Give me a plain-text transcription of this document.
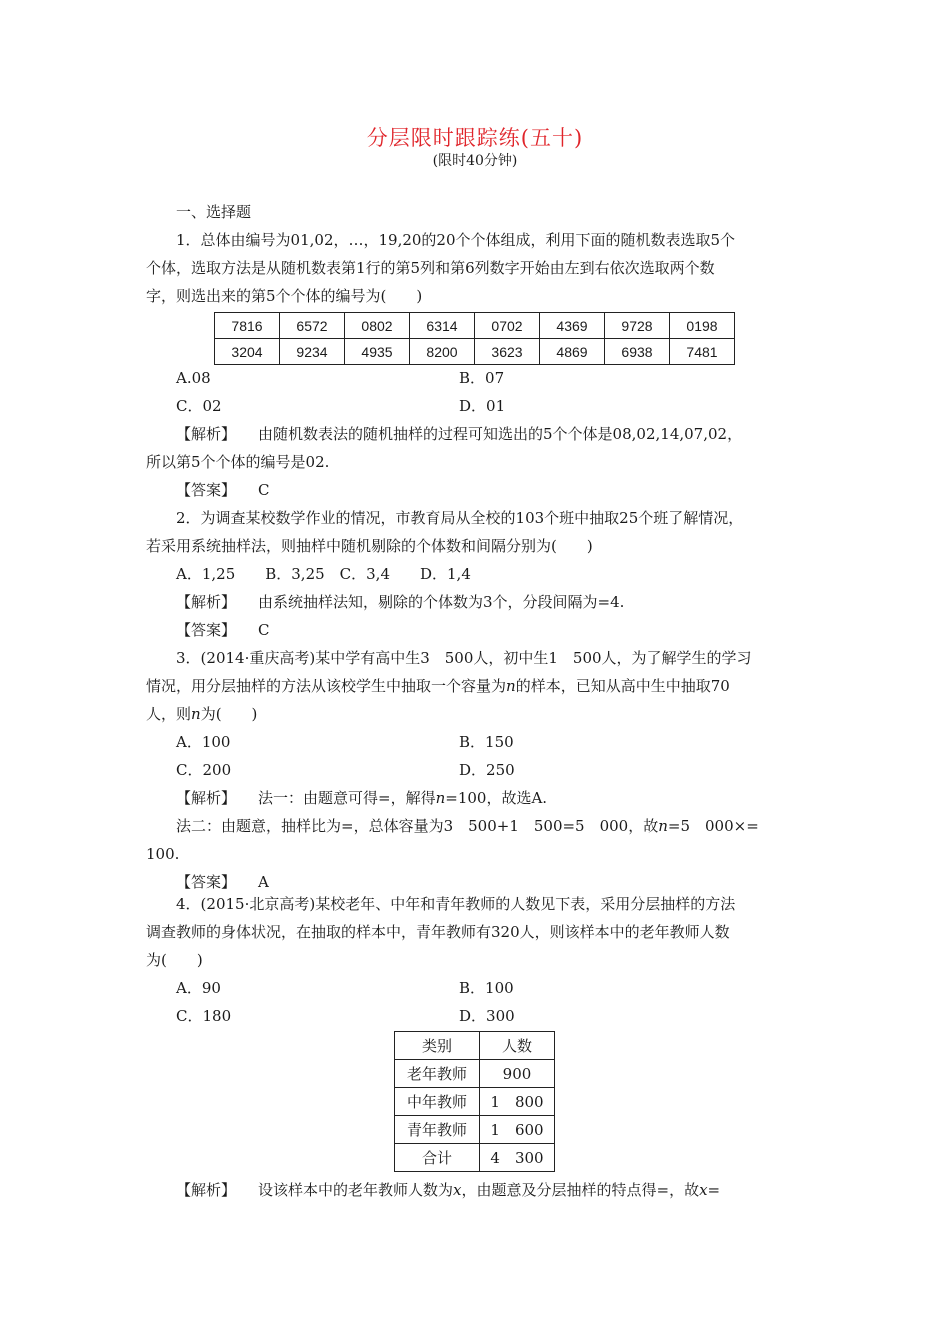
分层限时跟踪练(五十)
(限时40分钟)
一、选择题
1．总体由编号为01,02，…，19,20的20个个体组成，利用下面的随机数表选取5个
个体，选取方法是从随机数表第1行的第5列和第6列数字开始由左到右依次选取两个数
字，则选出来的第5个个体的编号为(　　)
7816	6572	0802	6314	0702	4369	9728	0198
3204	9234	4935	8200	3623	4869	6938	7481
A.08	B．07
C．02	D．01
【解析】 由随机数表法的随机抽样的过程可知选出的5个个体是08,02,14,07,02，
所以第5个个体的编号是02.
【答案】 C
2．为调查某校数学作业的情况，市教育局从全校的103个班中抽取25个班了解情况，
若采用系统抽样法，则抽样中随机剔除的个体数和间隔分别为(　　)
A．1,25　　B．3,25　C．3,4　　D．1,4
【解析】 由系统抽样法知，剔除的个体数为3个，分段间隔为=4.
【答案】 C
3．(2014·重庆高考)某中学有高中生3　500人，初中生1　500人，为了解学生的学习
情况，用分层抽样的方法从该校学生中抽取一个容量为n的样本，已知从高中生中抽取70
人，则n为(　　)
A．100	B．150
C．200	D．250
【解析】 法一：由题意可得=，解得n=100，故选A.
法二：由题意，抽样比为=，总体容量为3　500+1　500=5　000，故n=5　000×=
100.
【答案】 A
4．(2015·北京高考)某校老年、中年和青年教师的人数见下表，采用分层抽样的方法
调查教师的身体状况，在抽取的样本中，青年教师有320人，则该样本中的老年教师人数
为(　　)
A．90	B．100
C．180	D．300
类别	人数
老年教师	900
中年教师	1　800
青年教师	1　600
合计	4　300
【解析】 设该样本中的老年教师人数为x，由题意及分层抽样的特点得=，故x=
